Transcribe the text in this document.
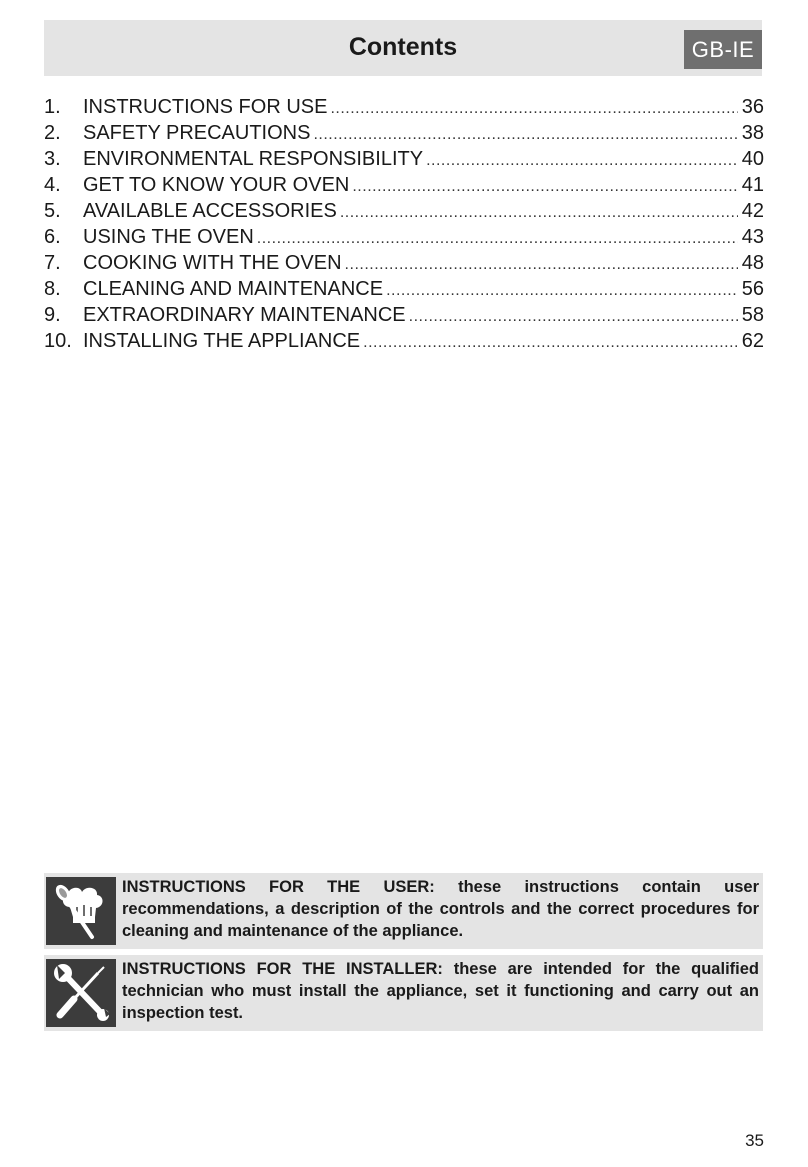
Contents	GB-IE
1.	INSTRUCTIONS FOR USE .....	36
2.	SAFETY PRECAUTIONS .....	38
3.	ENVIRONMENTAL RESPONSIBILITY .....	40
4.	GET TO KNOW YOUR OVEN .....	41
5.	AVAILABLE ACCESSORIES .....	42
6.	USING THE OVEN .....	43
7.	COOKING WITH THE OVEN .....	48
8.	CLEANING AND MAINTENANCE .....	56
9.	EXTRAORDINARY MAINTENANCE .....	58
10. INSTALLING THE APPLIANCE .....	62

INSTRUCTIONS FOR THE USER: these instructions contain user recommendations, a description of the controls and the correct procedures for cleaning and maintenance of the appliance.

INSTRUCTIONS FOR THE INSTALLER: these are intended for the qualified technician who must install the appliance, set it functioning and carry out an inspection test.

35
